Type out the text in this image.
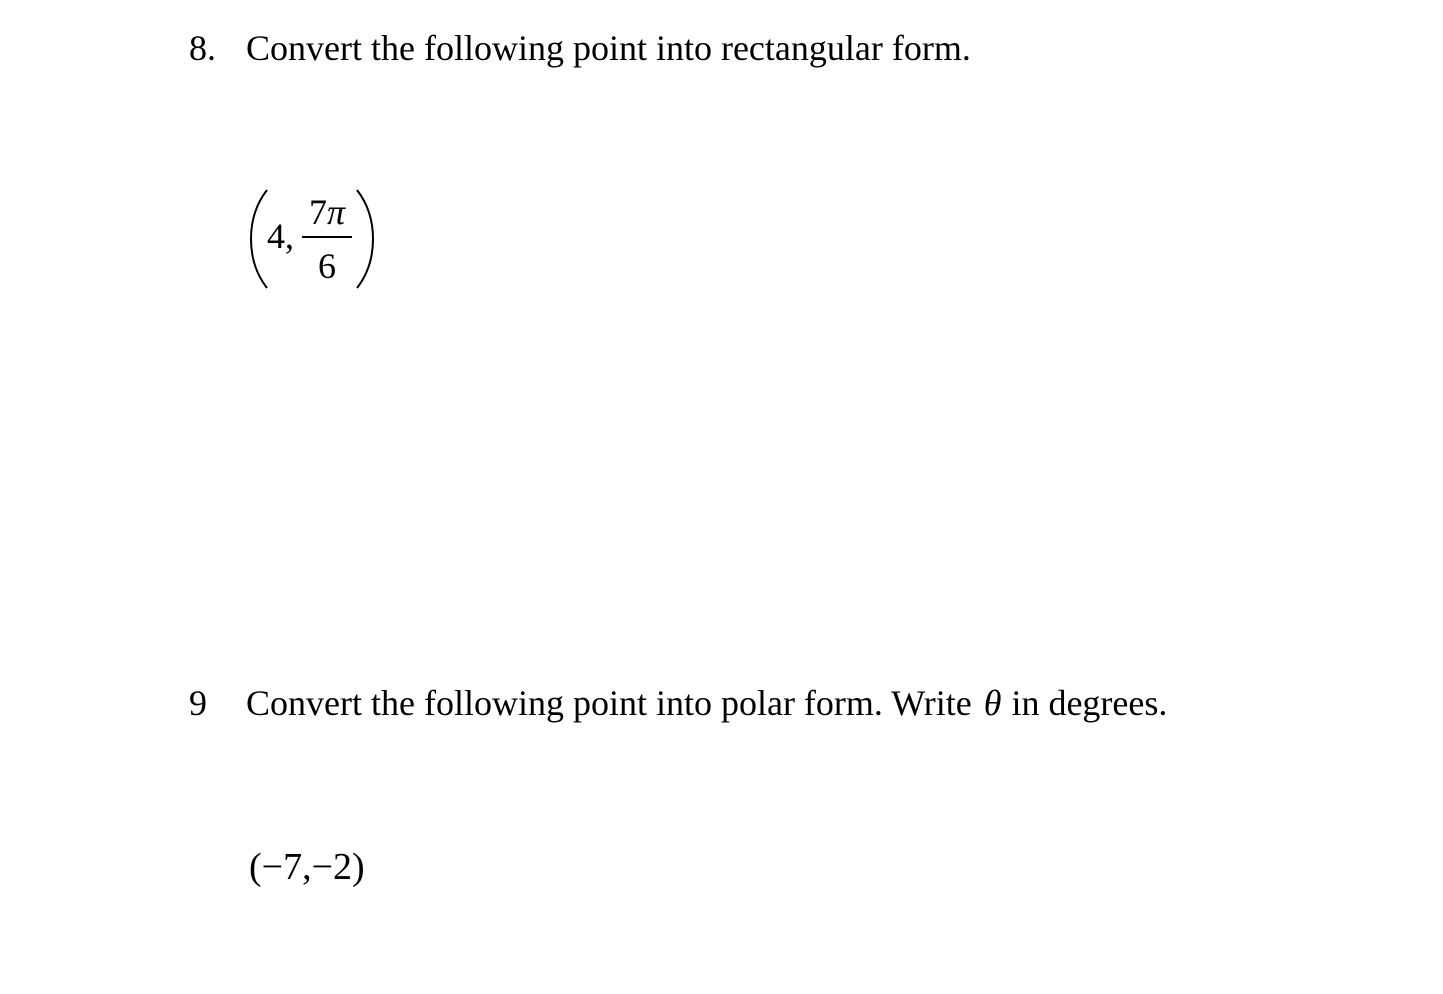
8. Convert the following point into rectangular form.
4,
7π
6
9 Convert the following point into polar form. Write θ in degrees.
(−7,−2)
